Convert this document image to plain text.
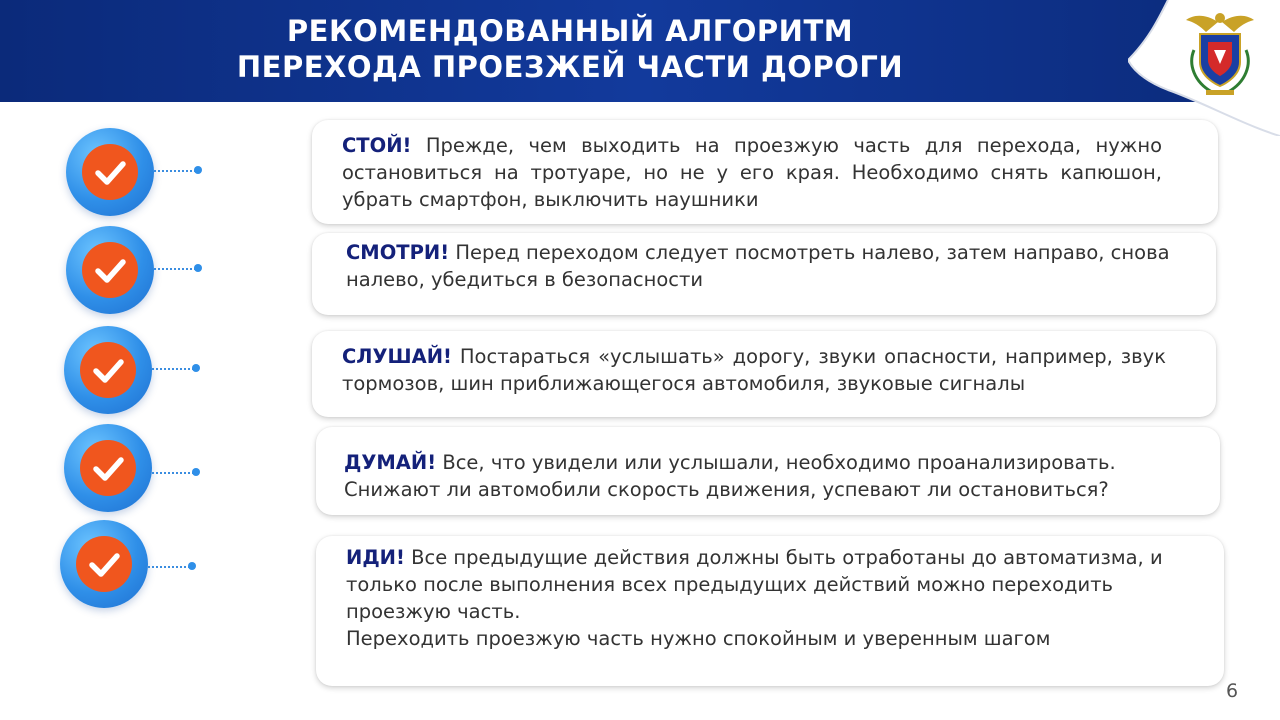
РЕКОМЕНДОВАННЫЙ АЛГОРИТМ
ПЕРЕХОДА ПРОЕЗЖЕЙ ЧАСТИ ДОРОГИ

СТОЙ! Прежде, чем выходить на проезжую часть для перехода, нужно остановиться на тротуаре, но не у его края. Необходимо снять капюшон, убрать смартфон, выключить наушники

СМОТРИ! Перед переходом следует посмотреть налево, затем направо, снова налево, убедиться в безопасности

СЛУШАЙ! Постараться «услышать» дорогу, звуки опасности, например, звук тормозов, шин приближающегося автомобиля, звуковые сигналы

ДУМАЙ! Все, что увидели или услышали, необходимо проанализировать. Снижают ли автомобили скорость движения, успевают ли остановиться?

ИДИ! Все предыдущие действия должны быть отработаны до автоматизма, и только после выполнения всех предыдущих действий можно переходить проезжую часть.

Переходить проезжую часть нужно спокойным и уверенным шагом

6
